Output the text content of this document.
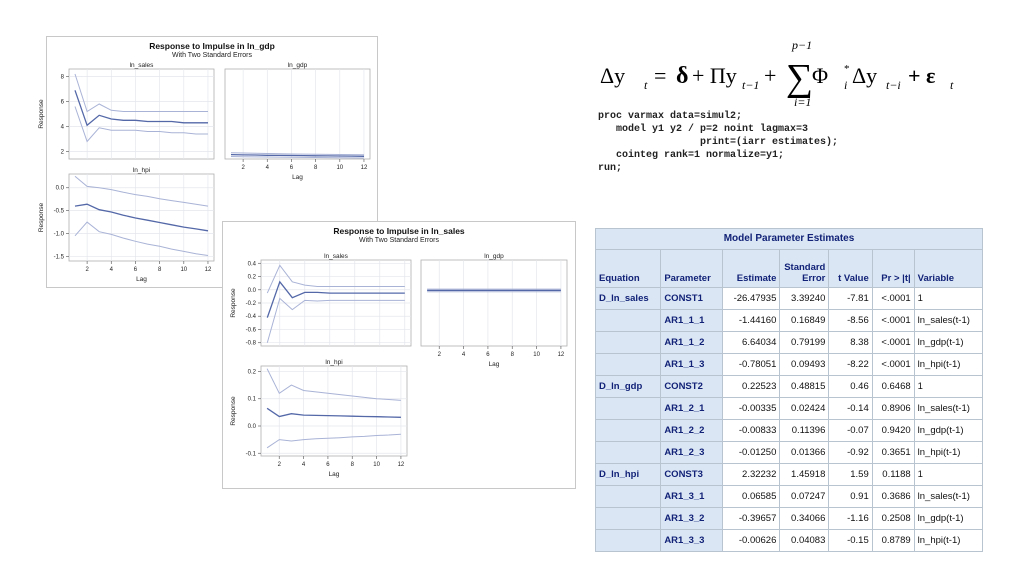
Response to Impulse in ln_gdp
With Two Standard Errors
ln_sales
2
4
6
8
Response
ln_gdp
2	4	6	8	10	12
Lag
ln_hpi
0.0
-0.5
-1.0
-1.5
2	4	6	8	10	12
Lag
Response	Response to Impulse in ln_sales
With Two Standard Errors
ln_sales
0.4
0.2
0.0
-0.2
-0.4
-0.6
-0.8
Response
ln_gdp
2	4	6	8	10	12
Lag
ln_hpi
0.2
0.1
0.0
-0.1
2	4	6	8	10	12
Lag
Response
Δy t = δ + Πy t−1 +
p−1
∑
i=1
Φ *
i Δy t−i + ε t
proc varmax data=simul2;
model y1 y2 / p=2 noint lagmax=3
print=(iarr estimates);
cointeg rank=1 normalize=y1;
run;
Model Parameter Estimates
Equation	Parameter	Estimate	Standard Error	t Value	Pr > |t|	Variable
D_ln_sales	CONST1	-26.47935	3.39240	-7.81	<.0001	1
	AR1_1_1	-1.44160	0.16849	-8.56	<.0001	ln_sales(t-1)
	AR1_1_2	6.64034	0.79199	8.38	<.0001	ln_gdp(t-1)
	AR1_1_3	-0.78051	0.09493	-8.22	<.0001	ln_hpi(t-1)
D_ln_gdp	CONST2	0.22523	0.48815	0.46	0.6468	1
	AR1_2_1	-0.00335	0.02424	-0.14	0.8906	ln_sales(t-1)
	AR1_2_2	-0.00833	0.11396	-0.07	0.9420	ln_gdp(t-1)
	AR1_2_3	-0.01250	0.01366	-0.92	0.3651	ln_hpi(t-1)
D_ln_hpi	CONST3	2.32232	1.45918	1.59	0.1188	1
	AR1_3_1	0.06585	0.07247	0.91	0.3686	ln_sales(t-1)
	AR1_3_2	-0.39657	0.34066	-1.16	0.2508	ln_gdp(t-1)
	AR1_3_3	-0.00626	0.04083	-0.15	0.8789	ln_hpi(t-1)
